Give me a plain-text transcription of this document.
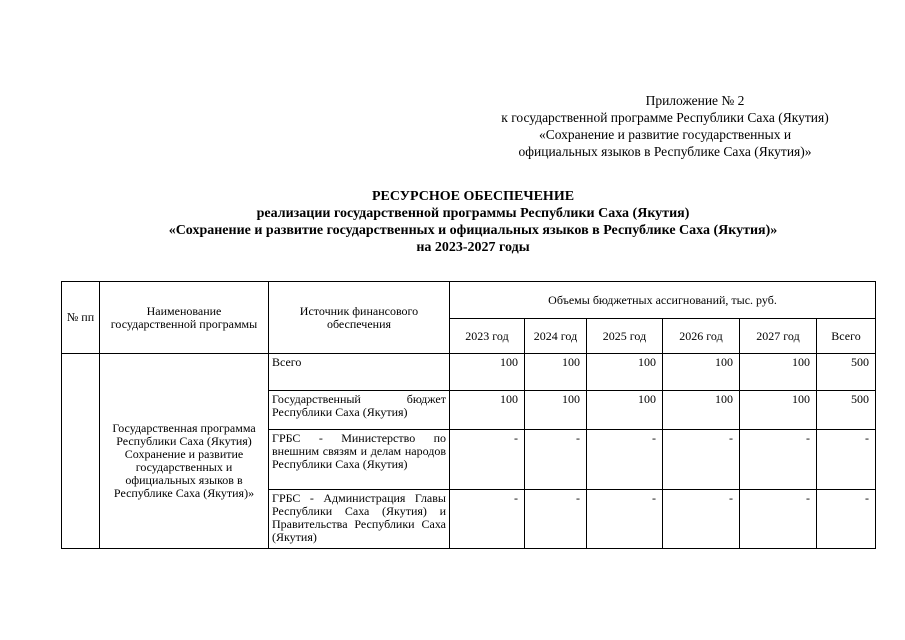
Приложение № 2
к государственной программе Республики Саха (Якутия)
«Сохранение и развитие государственных и
официальных языков в Республике Саха (Якутия)»
РЕСУРСНОЕ ОБЕСПЕЧЕНИЕ
реализации государственной программы Республики Саха (Якутия)
«Сохранение и развитие государственных и официальных языков в Республике Саха (Якутия)»
на 2023-2027 годы
№ пп	Наименование государственной программы	Источник финансового обеспечения	Объемы бюджетных ассигнований, тыс. руб.					
			2023 год	2024 год	2025 год	2026 год	2027 год	Всего
	Государственная программа Республики Саха (Якутия) Сохранение и развитие государственных и официальных языков в Республике Саха (Якутия)»	Всего	100	100	100	100	100	500
		Государственный бюджет Республики Саха (Якутия)	100	100	100	100	100	500
		ГРБС - Министерство по внешним связям и делам народов Республики Саха (Якутия)	-	-	-	-	-	-
		ГРБС - Администрация Главы Республики Саха (Якутия) и Правительства Республики Саха (Якутия)	-	-	-	-	-	-
